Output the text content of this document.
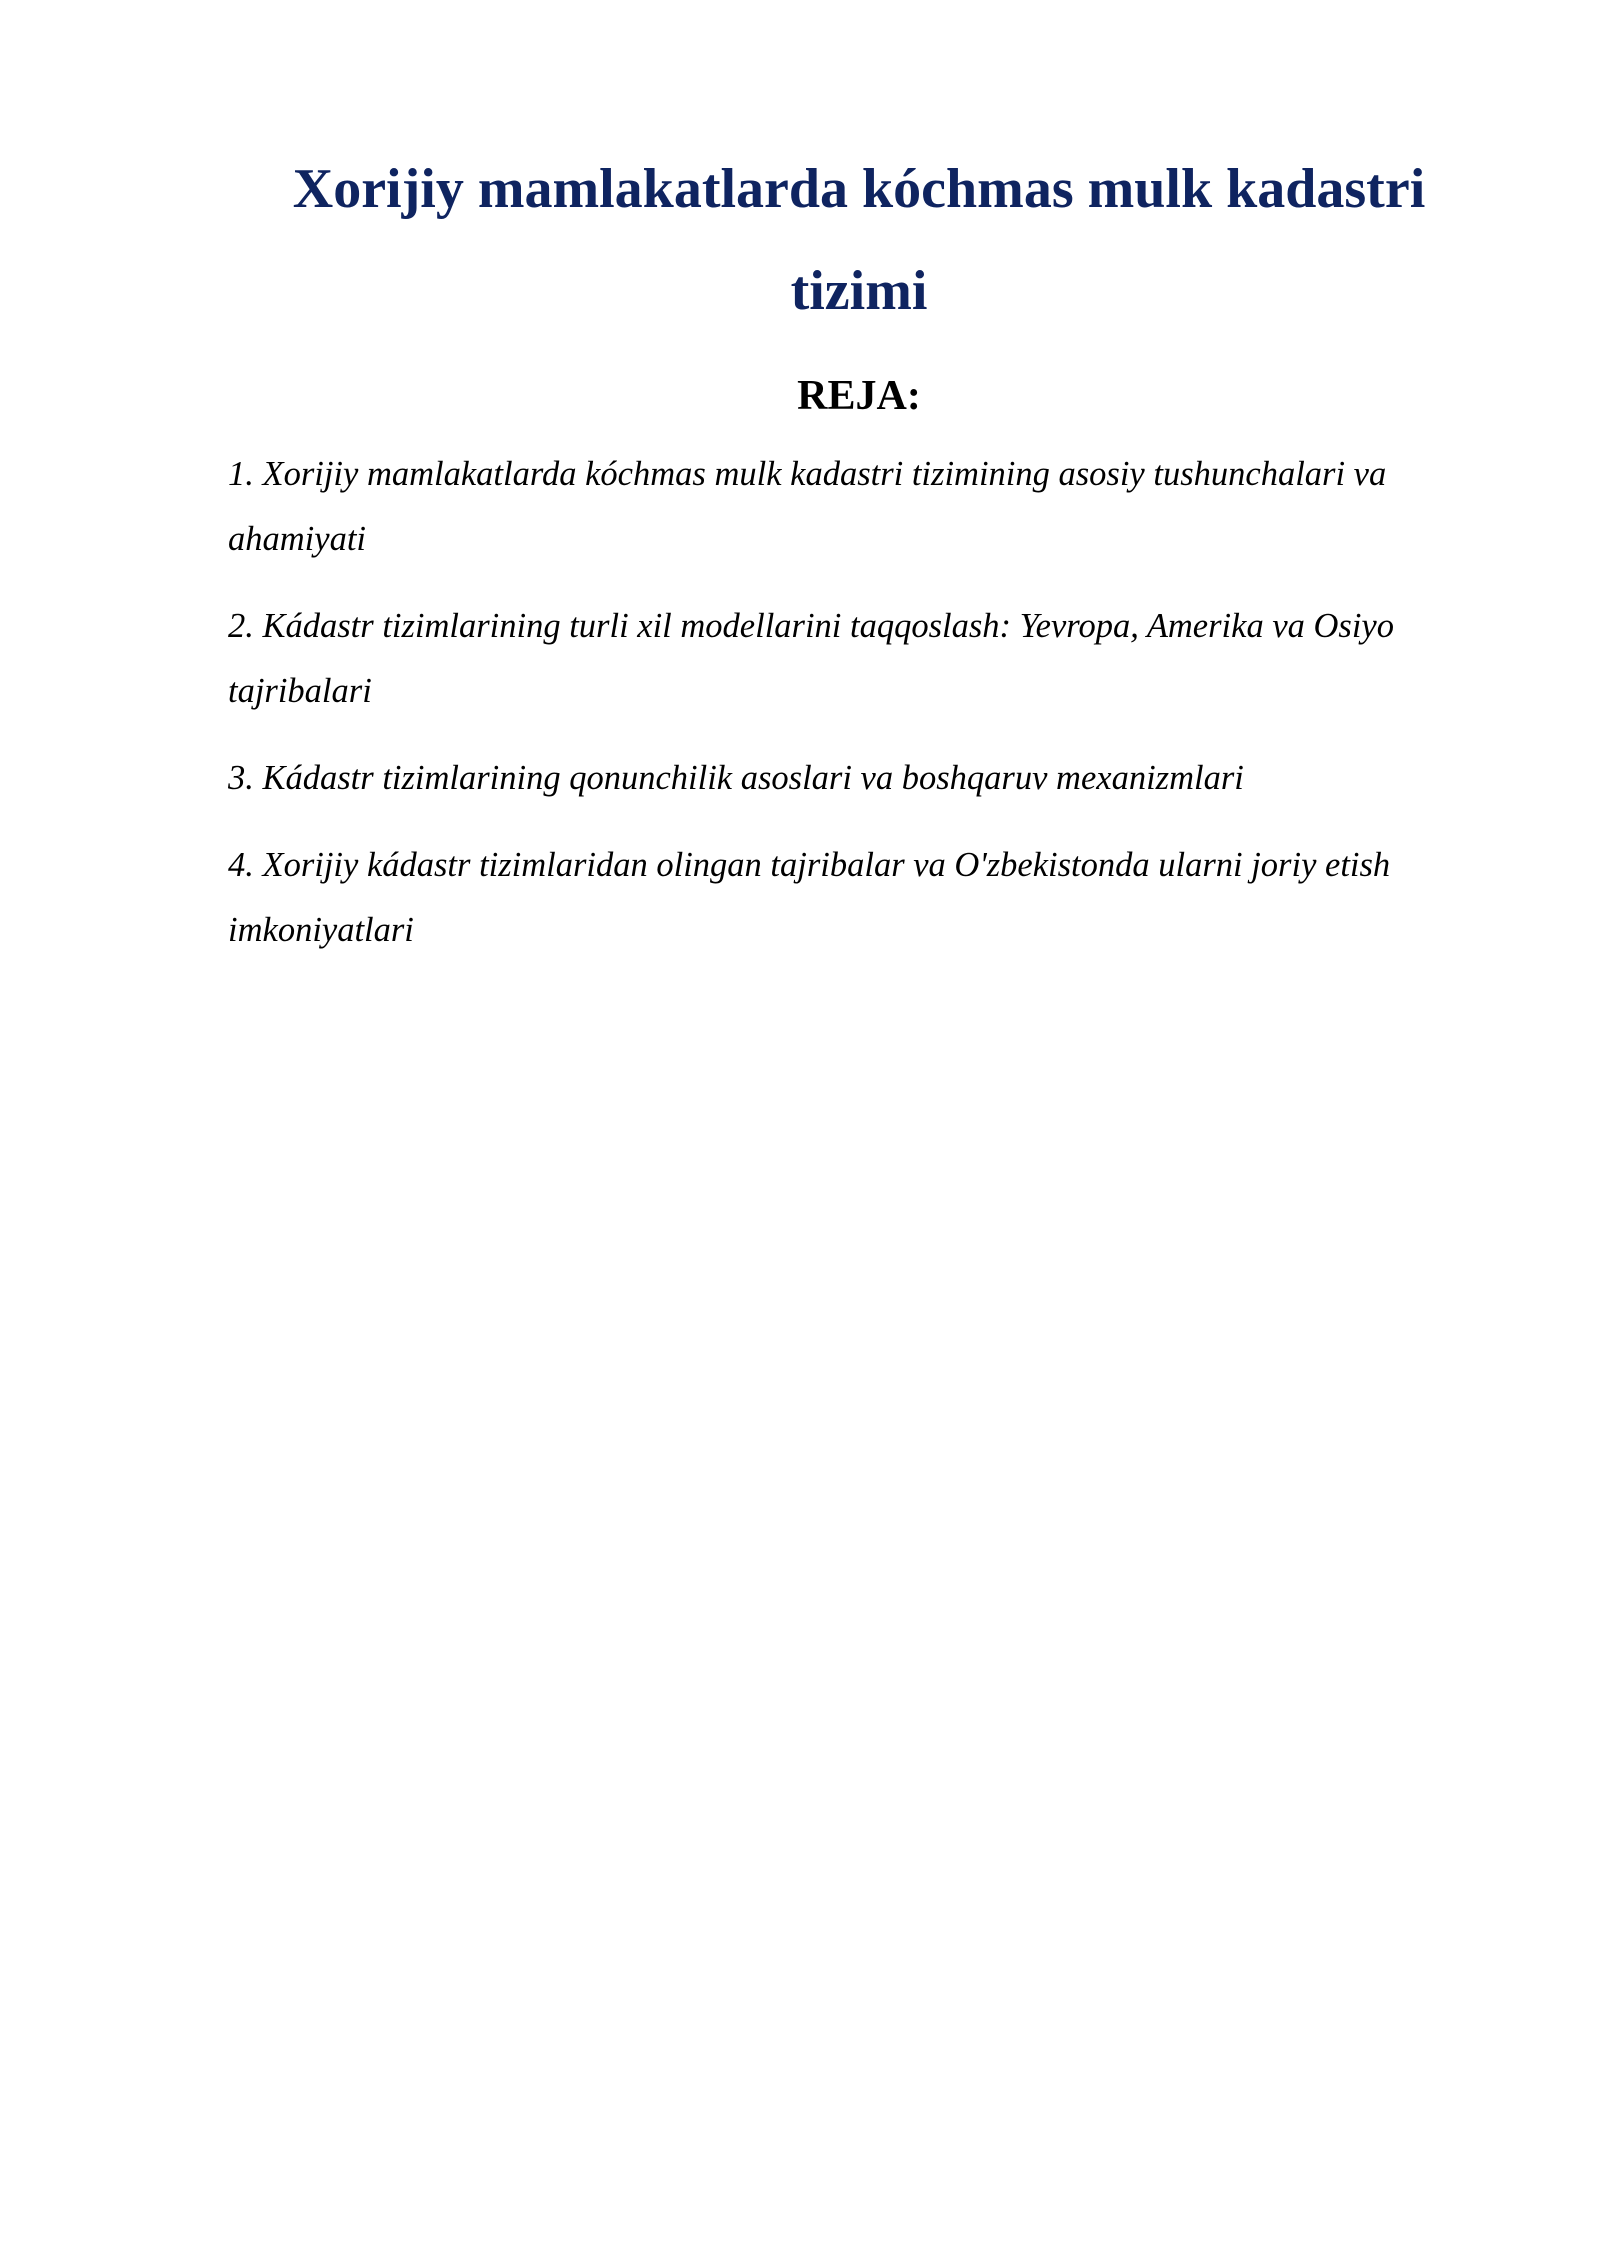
Xorijiy mamlakatlarda kóchmas mulk kadastri tizimi
REJA:
1. Xorijiy mamlakatlarda kóchmas mulk kadastri tizimining asosiy tushunchalari va ahamiyati
2. Kádastr tizimlarining turli xil modellarini taqqoslash: Yevropa, Amerika va Osiyo tajribalari
3. Kádastr tizimlarining qonunchilik asoslari va boshqaruv mexanizmlari
4. Xorijiy kádastr tizimlaridan olingan tajribalar va O'zbekistonda ularni joriy etish imkoniyatlari
